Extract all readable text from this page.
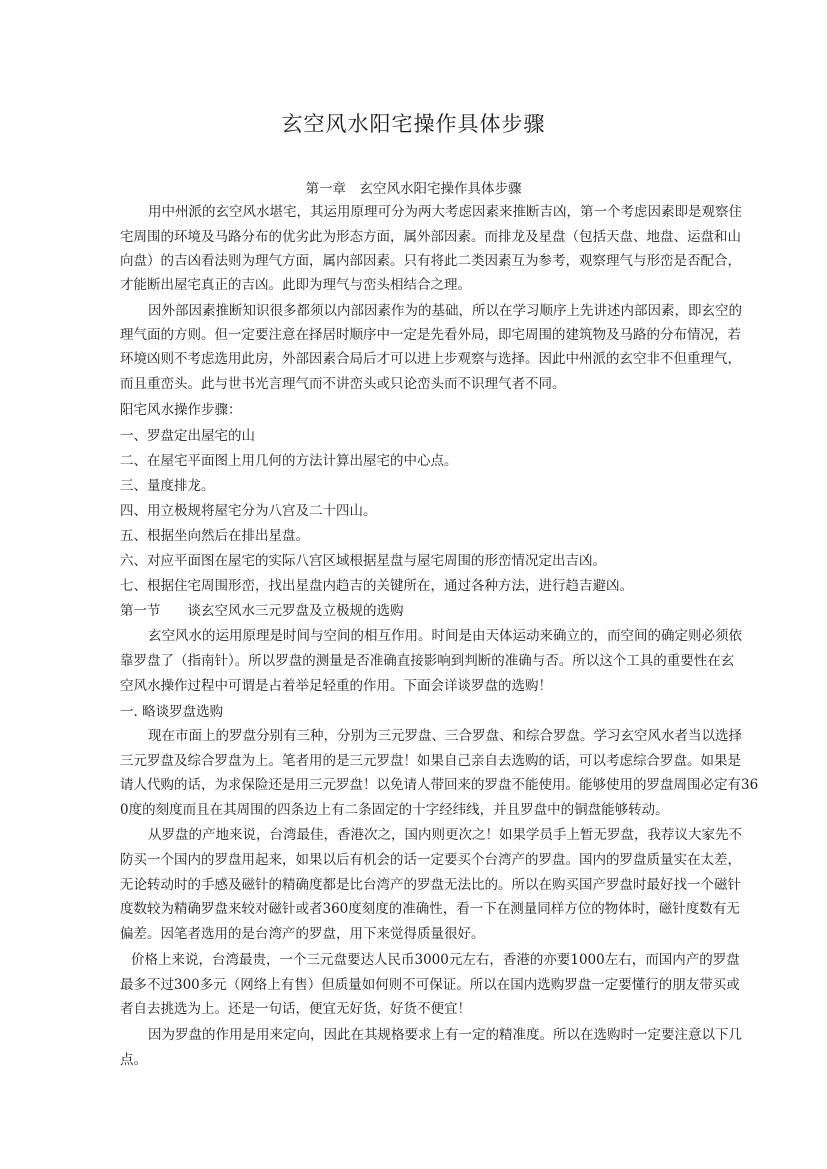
玄空风水阳宅操作具体步骤
第一章　玄空风水阳宅操作具体步骤
用中州派的玄空风水堪宅，其运用原理可分为两大考虑因素来推断吉凶，第一个考虑因素即是观察住
宅周围的环境及马路分布的优劣此为形态方面，属外部因素。而排龙及星盘（包括天盘、地盘、运盘和山
向盘）的吉凶看法则为理气方面，属内部因素。只有将此二类因素互为参考，观察理气与形峦是否配合，
才能断出屋宅真正的吉凶。此即为理气与峦头相结合之理。
因外部因素推断知识很多都须以内部因素作为的基础，所以在学习顺序上先讲述内部因素，即玄空的
理气面的方则。但一定要注意在择居时顺序中一定是先看外局，即宅周围的建筑物及马路的分布情况，若
环境凶则不考虑选用此房，外部因素合局后才可以进上步观察与选择。因此中州派的玄空非不但重理气，
而且重峦头。此与世书光言理气而不讲峦头或只论峦头而不识理气者不同。
阳宅风水操作步骤：
一、罗盘定出屋宅的山
二、在屋宅平面图上用几何的方法计算出屋宅的中心点。
三、量度排龙。
四、用立极规将屋宅分为八宫及二十四山。
五、根据坐向然后在排出星盘。
六、对应平面图在屋宅的实际八宫区域根据星盘与屋宅周围的形峦情况定出吉凶。
七、根据住宅周围形峦，找出星盘内趋吉的关键所在，通过各种方法，进行趋吉避凶。
第一节　　谈玄空风水三元罗盘及立极规的选购
玄空风水的运用原理是时间与空间的相互作用。时间是由天体运动来确立的，而空间的确定则必须依
靠罗盘了（指南针）。所以罗盘的测量是否准确直接影响到判断的准确与否。所以这个工具的重要性在玄
空风水操作过程中可谓是占着举足轻重的作用。下面会详谈罗盘的选购！
一. 略谈罗盘选购
现在市面上的罗盘分别有三种，分别为三元罗盘、三合罗盘、和综合罗盘。学习玄空风水者当以选择
三元罗盘及综合罗盘为上。笔者用的是三元罗盘！如果自己亲自去选购的话，可以考虑综合罗盘。如果是
请人代购的话，为求保险还是用三元罗盘！以免请人带回来的罗盘不能使用。能够使用的罗盘周围必定有36
0度的刻度而且在其周围的四条边上有二条固定的十字经纬线，并且罗盘中的铜盘能够转动。
从罗盘的产地来说，台湾最佳，香港次之，国内则更次之！如果学员手上暂无罗盘，我荐议大家先不
防买一个国内的罗盘用起来，如果以后有机会的话一定要买个台湾产的罗盘。国内的罗盘质量实在太差，
无论转动时的手感及磁针的精确度都是比台湾产的罗盘无法比的。所以在购买国产罗盘时最好找一个磁针
度数较为精确罗盘来较对磁针或者360度刻度的准确性，看一下在测量同样方位的物体时，磁针度数有无
偏差。因笔者选用的是台湾产的罗盘，用下来觉得质量很好。
价格上来说，台湾最贵，一个三元盘要达人民币3000元左右，香港的亦要1000左右，而国内产的罗盘
最多不过300多元（网络上有售）但质量如何则不可保证。所以在国内选购罗盘一定要懂行的朋友带买或
者自去挑选为上。还是一句话，便宜无好货，好货不便宜！
因为罗盘的作用是用来定向，因此在其规格要求上有一定的精准度。所以在选购时一定要注意以下几
点。
